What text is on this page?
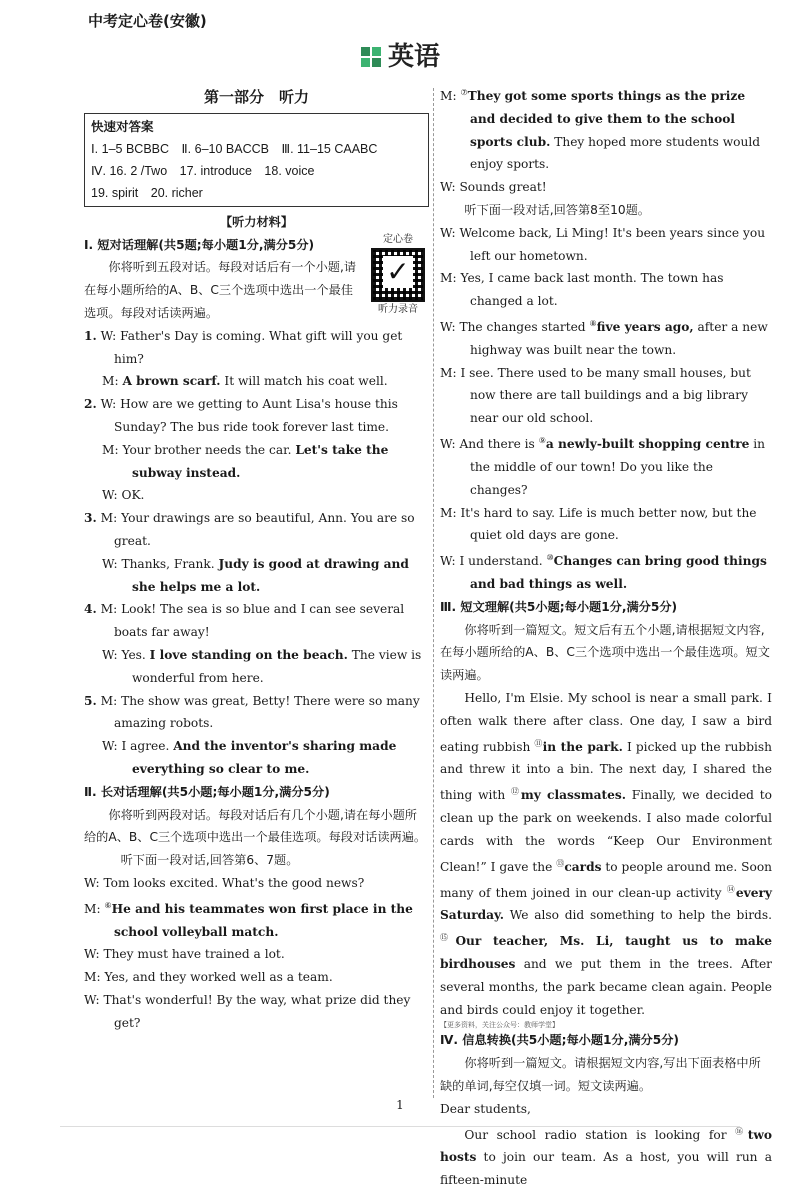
中考定心卷(安徽)
英语
第一部分　听力
快速对答案
Ⅰ. 1–5 BCBBC　Ⅱ. 6–10 BACCB　Ⅲ. 11–15 CAABC
Ⅳ. 16. 2 /Two　17. introduce　18. voice
19. spirit　20. richer
【听力材料】
定心卷
✓
听力录音
Ⅰ. 短对话理解(共5题;每小题1分,满分5分)
你将听到五段对话。每段对话后有一个小题,请在每小题所给的A、B、C三个选项中选出一个最佳选项。每段对话读两遍。
1. W: Father's Day is coming. What gift will you get him?
M: A brown scarf. It will match his coat well.
2. W: How are we getting to Aunt Lisa's house this Sunday? The bus ride took forever last time.
M: Your brother needs the car. Let's take the subway instead.
W: OK.
3. M: Your drawings are so beautiful, Ann. You are so great.
W: Thanks, Frank. Judy is good at drawing and she helps me a lot.
4. M: Look! The sea is so blue and I can see several boats far away!
W: Yes. I love standing on the beach. The view is wonderful from here.
5. M: The show was great, Betty! There were so many amazing robots.
W: I agree. And the inventor's sharing made everything so clear to me.
Ⅱ. 长对话理解(共5小题;每小题1分,满分5分)
你将听到两段对话。每段对话后有几个小题,请在每小题所给的A、B、C三个选项中选出一个最佳选项。每段对话读两遍。
听下面一段对话,回答第6、7题。
W: Tom looks excited. What's the good news?
M: ⑥He and his teammates won first place in the school volleyball match.
W: They must have trained a lot.
M: Yes, and they worked well as a team.
W: That's wonderful! By the way, what prize did they get?
M: ⑦They got some sports things as the prize and decided to give them to the school sports club. They hoped more students would enjoy sports.
W: Sounds great!
听下面一段对话,回答第8至10题。
W: Welcome back, Li Ming! It's been years since you left our hometown.
M: Yes, I came back last month. The town has changed a lot.
W: The changes started ⑧five years ago, after a new highway was built near the town.
M: I see. There used to be many small houses, but now there are tall buildings and a big library near our old school.
W: And there is ⑨a newly-built shopping centre in the middle of our town! Do you like the changes?
M: It's hard to say. Life is much better now, but the quiet old days are gone.
W: I understand. ⑩Changes can bring good things and bad things as well.
Ⅲ. 短文理解(共5小题;每小题1分,满分5分)
你将听到一篇短文。短文后有五个小题,请根据短文内容,在每小题所给的A、B、C三个选项中选出一个最佳选项。短文读两遍。
Hello, I'm Elsie. My school is near a small park. I often walk there after class. One day, I saw a bird eating rubbish ⑪in the park. I picked up the rubbish and threw it into a bin. The next day, I shared the thing with ⑫my classmates. Finally, we decided to clean up the park on weekends. I also made colorful cards with the words “Keep Our Environment Clean!” I gave the ⑬cards to people around me. Soon many of them joined in our clean-up activity ⑭every Saturday. We also did something to help the birds. ⑮Our teacher, Ms. Li, taught us to make birdhouses and we put them in the trees. After several months, the park became clean again. People and birds could enjoy it together.
【更多资料，关注公众号：教师学堂】
Ⅳ. 信息转换(共5小题;每小题1分,满分5分)
你将听到一篇短文。请根据短文内容,写出下面表格中所缺的单词,每空仅填一词。短文读两遍。
Dear students,
Our school radio station is looking for ⑯two hosts to join our team. As a host, you will run a fifteen-minute
1
